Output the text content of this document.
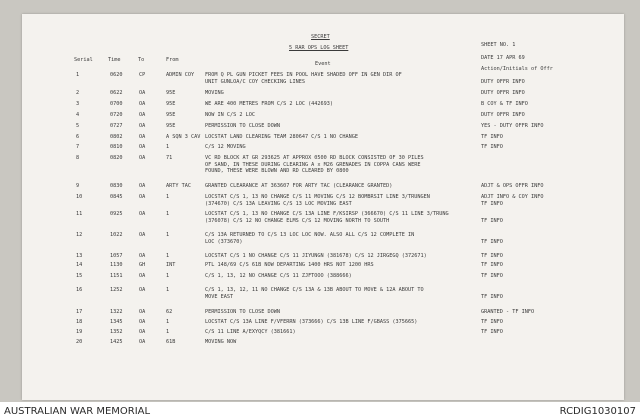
SECRET
5 RAR OPS LOG SHEET	SHEET NO. 1
DATE 17 APR 69
Serial	Time	To	From
Event
Action/Initials of Offr
1	0620	CP	ADMIN COY FROM Q PL GUN PICKET FEES IN POOL HAVE SHADED OFF IN GEN DIR OF
UNIT GUNLOA/C COY CHECKING LINES	DUTY OFFR INFO
2	0622	OA	95E	MOVING	DUTY OFFR INFO
3	0700	OA	95E	WE ARE 400 METRES FROM C/S 2 LOC (442693)	B COY & TF INFO
4	0720	OA	95E	NOW IN C/S 2 LOC	DUTY OFFR INFO
5	0727	OA	95E	PERMISSION TO CLOSE DOWN	YES - DUTY OFFR INFO
6	0802	OA	A SQN 3 CAV LOCSTAT LAND CLEARING TEAM 280647 C/S 1 NO CHANGE	TF INFO
7	0810	OA	1	C/S 12 MOVING	TF INFO
8	0820	OA	71	VC RD BLOCK AT GR 293625 AT APPROX 0500 RD BLOCK CONSISTED OF 30 PILES
OF SAND, IN THESE DURING CLEARING A x M26 GRENADES IN COPPA CANS WERE
FOUND, THESE WERE BLOWN AND RD CLEARED BY 0800
9	0830	OA	ARTY TAC	GRANTED CLEARANCE AT 363607 FOR ARTY TAC (CLEARANCE GRANTED)	ADJT & OPS OFFR INFO
10	0845	OA	1	LOCSTAT C/S 1, 13 NO CHANGE C/S 11 MOVING C/S 12 BOMBRSIT LINE 3/TRUNGEN
(374670) C/S 13A LEAVING C/S 13 LOC MOVING EAST
ADJT INFO & COY INFO
TF INFO
11	0925	OA	1	LOCSTAT C/S 1, 13 NO CHANGE C/S 13A LINE F/KSIRSP (366670) C/S 11 LINE 3/TRUNG
(376078) C/S 12 NO CHANGE ELMS C/S 12 MOVING NORTH TO SOUTH	TF INFO
12	1022	OA	1	C/S 13A RETURNED TO C/S 13 LOC LOC NOW. ALSO ALL C/S 12 COMPLETE IN
LOC (373670)	TF INFO
13	1057	OA	1	LOCSTAT C/S 1 NO CHANGE C/S 11 JIYUNGN (381678) C/S 12 JIRGEGQ (372671)	TF INFO
14	1130	GH	INT	PTL 148/69 C/S 61B NOW DEPARTING 1400 HRS NOT 1200 HRS	TF INFO
15	1151	OA	1	C/S 1, 13, 12 NO CHANGE C/S 11 ZJFTOOO (388666)	TF INFO
16	1252	OA	1	C/S 1, 13, 12, 11 NO CHANGE C/S 13A & 13B ABOUT TO MOVE & 12A ABOUT TO
MOVE EAST	TF INFO
17	1322	OA	62	PERMISSION TO CLOSE DOWN	GRANTED - TF INFO
18	1345	OA	1	LOCSTAT C/S 13A LINE F/VFERRN (373666) C/S 13B LINE F/GBASS (375665)	TF INFO
19	1352	OA	1	C/S 11 LINE A/EXYQCY (381661)	TF INFO
20	1425	OA	61B	MOVING NOW
AUSTRALIAN WAR MEMORIAL	RCDIG1030107
